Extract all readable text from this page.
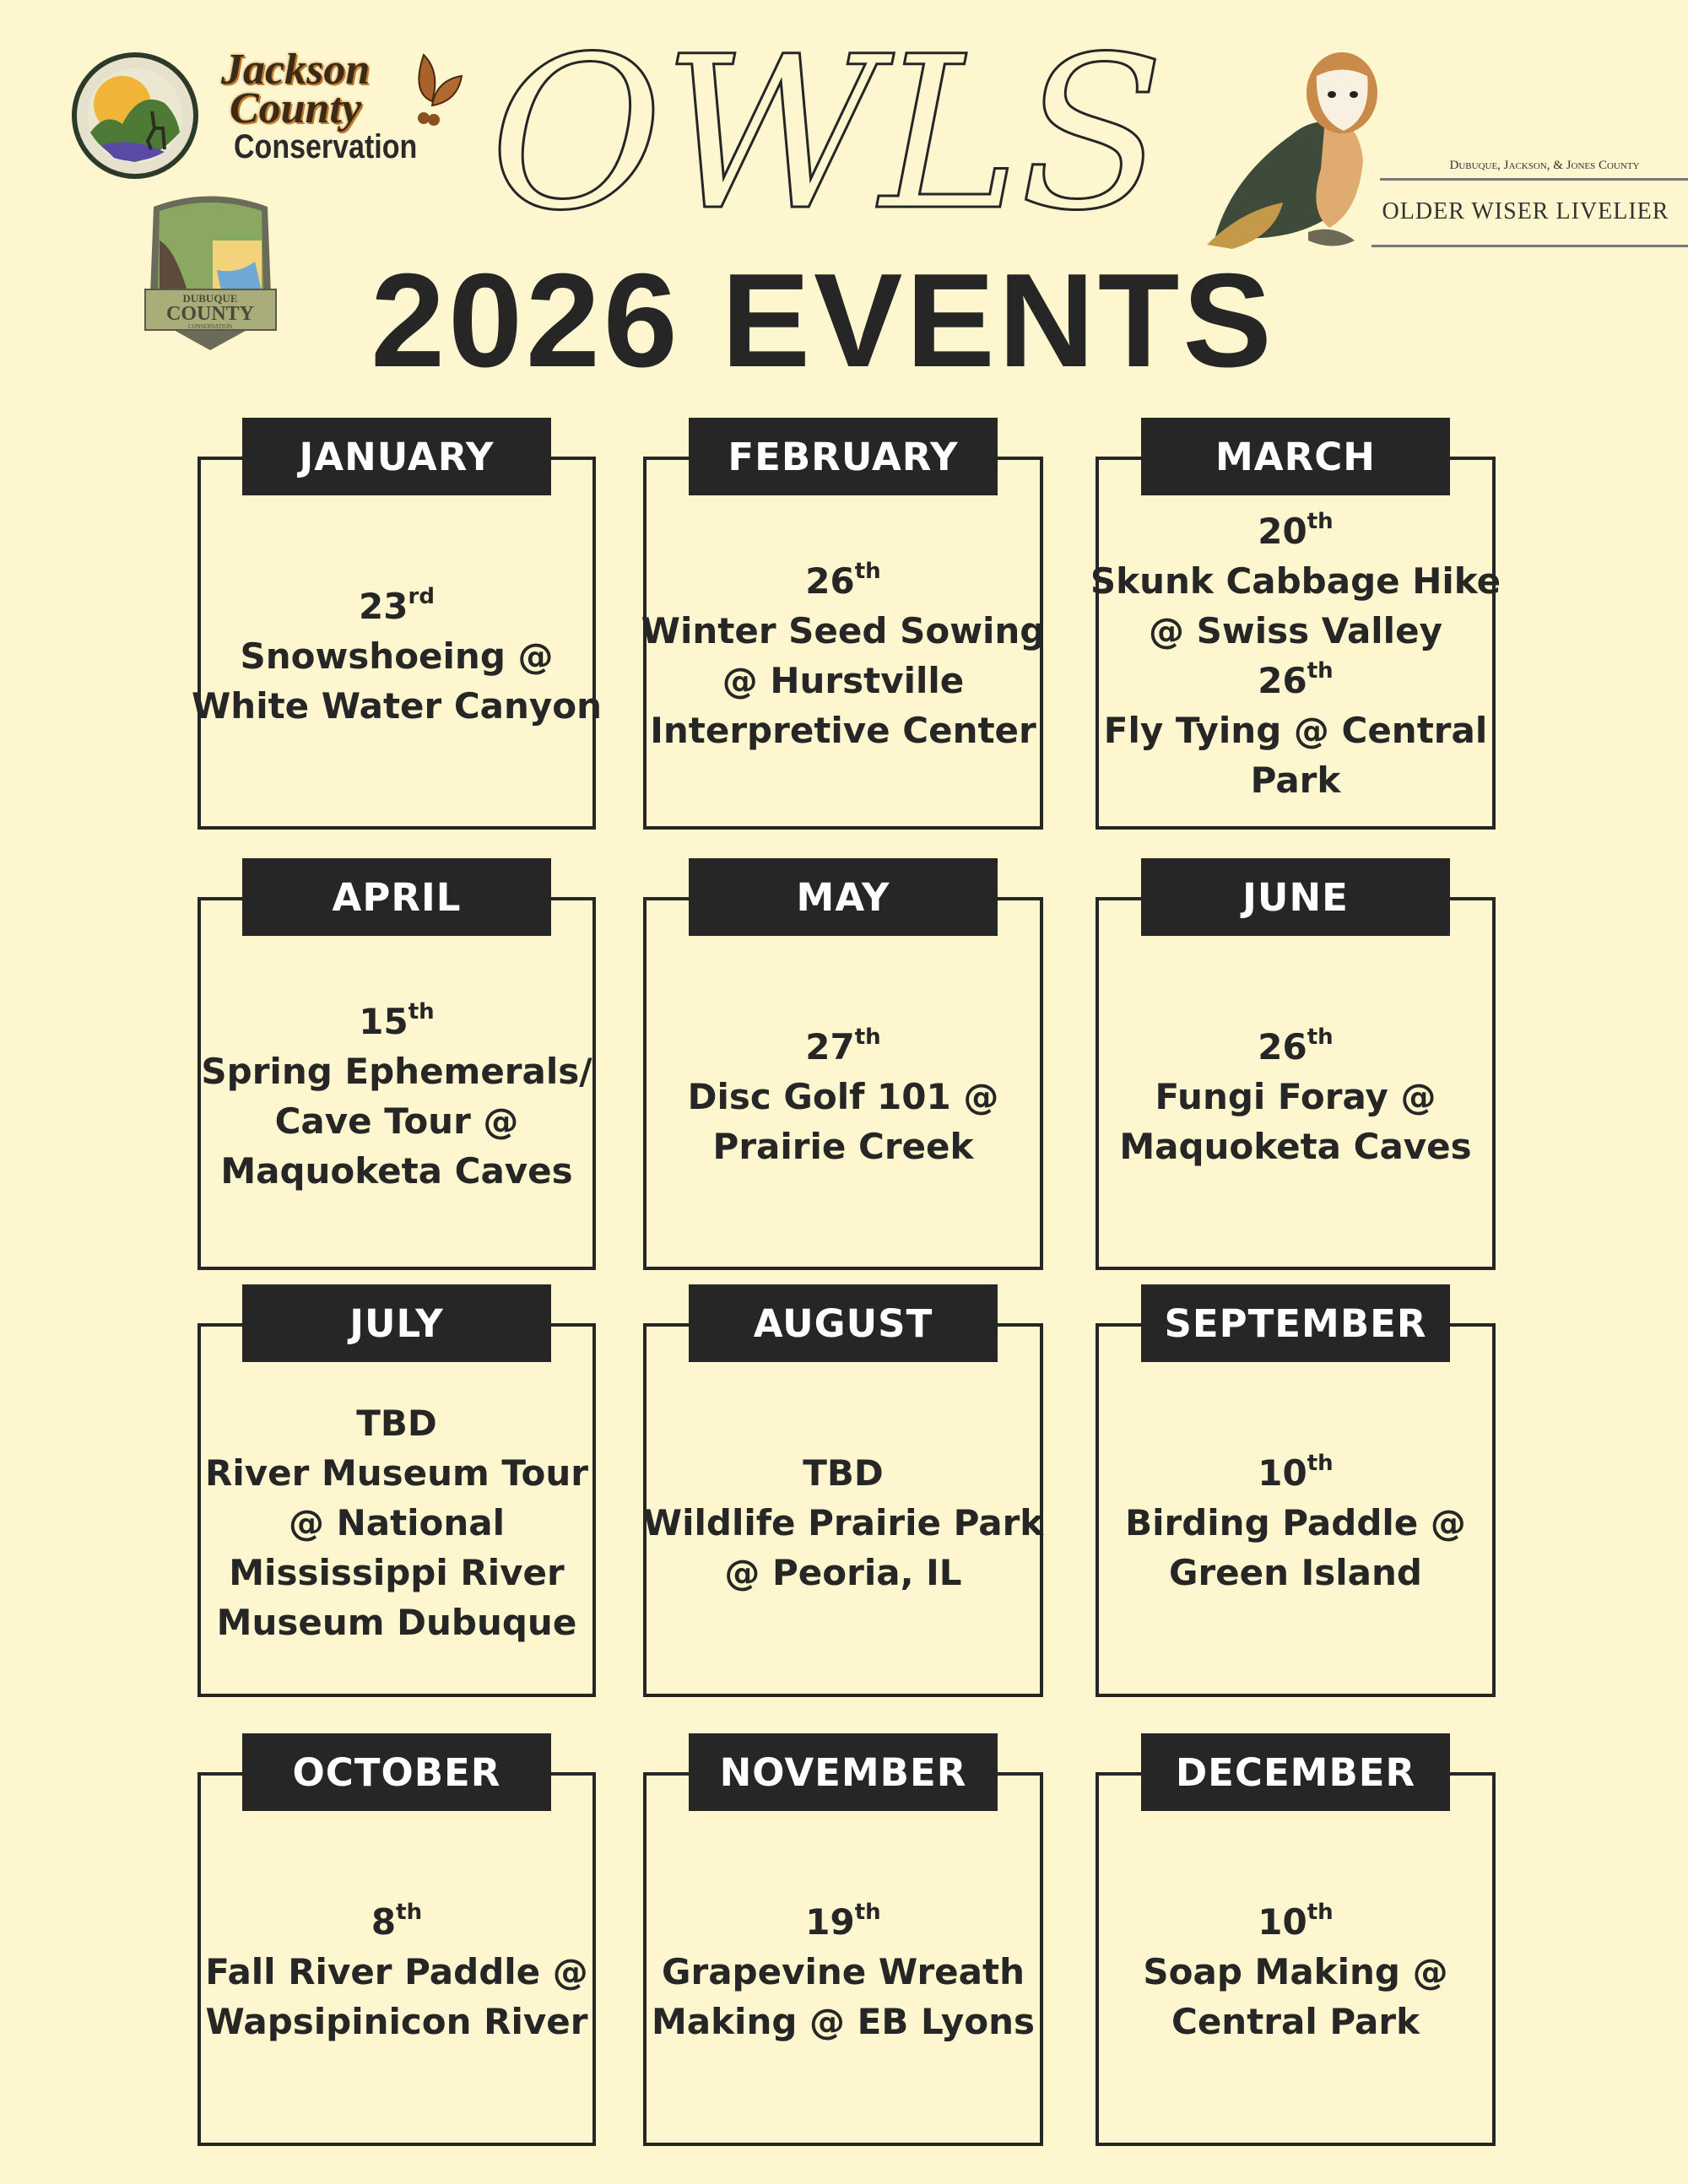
OWLS
2026 EVENTS
Jackson
County
Conservation
DUBUQUE
COUNTY
CONSERVATION
Dubuque, Jackson, & Jones County
OLDER WISER LIVELIER
23rd
Snowshoeing @
White Water Canyon
JANUARY
26th
Winter Seed Sowing
@ Hurstville
Interpretive Center
FEBRUARY
20th
Skunk Cabbage Hike
@ Swiss Valley
26th
Fly Tying @ Central
Park
MARCH
15th
Spring Ephemerals/
Cave Tour @
Maquoketa Caves
APRIL
27th
Disc Golf 101 @
Prairie Creek
MAY
26th
Fungi Foray @
Maquoketa Caves
JUNE
TBD
River Museum Tour
@ National
Mississippi River
Museum Dubuque
JULY
TBD
Wildlife Prairie Park
@ Peoria, IL
AUGUST
10th
Birding Paddle @
Green Island
SEPTEMBER
8th
Fall River Paddle @
Wapsipinicon River
OCTOBER
19th
Grapevine Wreath
Making @ EB Lyons
NOVEMBER
10th
Soap Making @
Central Park
DECEMBER
